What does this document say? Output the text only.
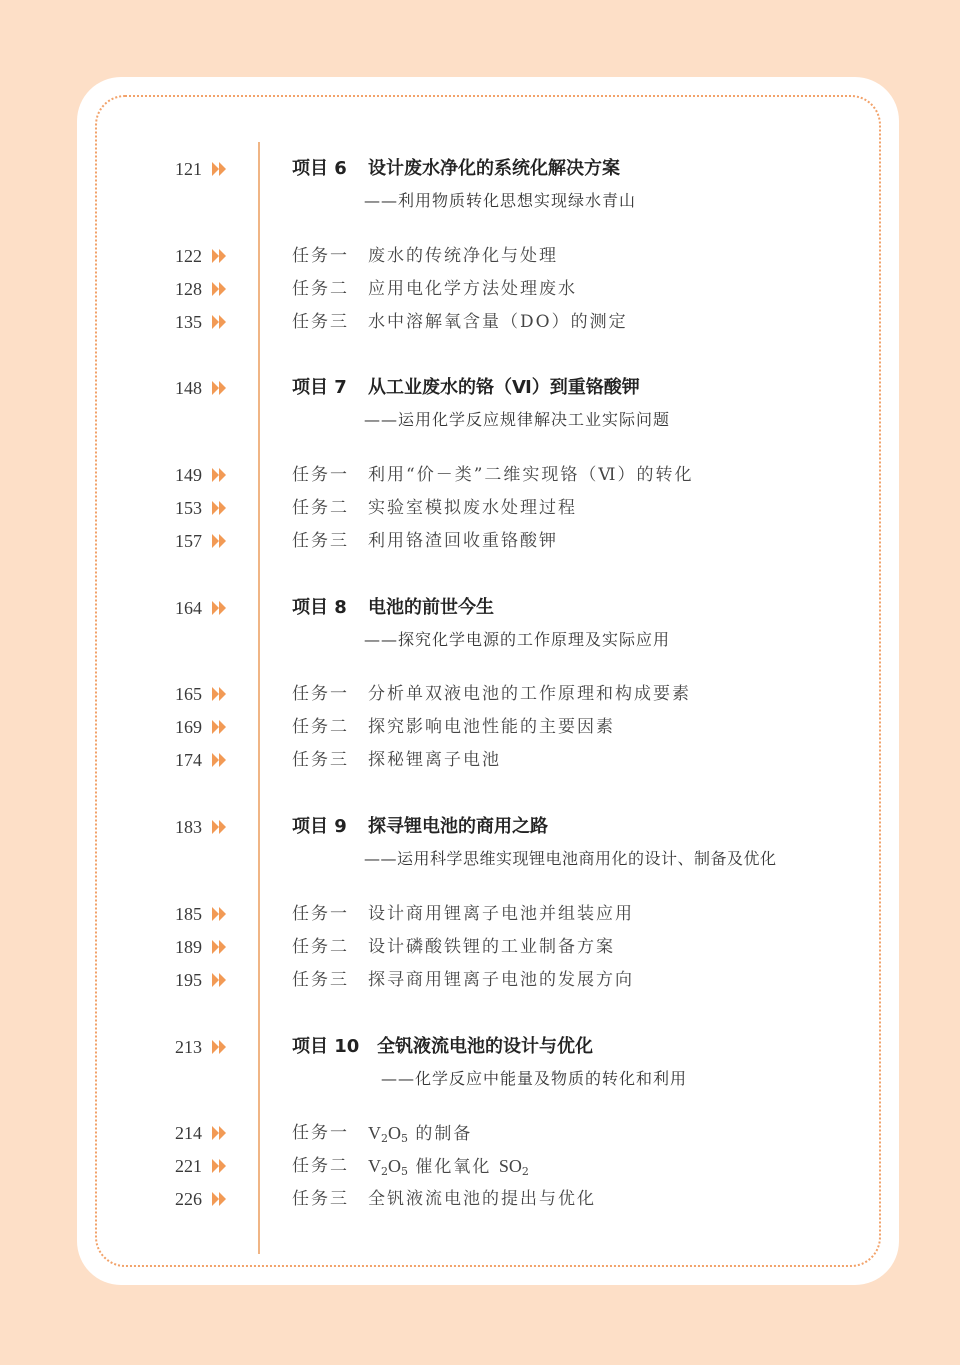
121	项目 6 设计废水净化的系统化解决方案
——利用物质转化思想实现绿水青山
122	任务一 废水的传统净化与处理
128	任务二 应用电化学方法处理废水
135	任务三 水中溶解氧含量（DO）的测定
148	项目 7 从工业废水的铬（Ⅵ）到重铬酸钾
——运用化学反应规律解决工业实际问题
149	任务一 利用“价－类”二维实现铬（Ⅵ）的转化
153	任务二 实验室模拟废水处理过程
157	任务三 利用铬渣回收重铬酸钾
164	项目 8 电池的前世今生
——探究化学电源的工作原理及实际应用
165	任务一 分析单双液电池的工作原理和构成要素
169	任务二 探究影响电池性能的主要因素
174	任务三 探秘锂离子电池
183	项目 9 探寻锂电池的商用之路
——运用科学思维实现锂电池商用化的设计、制备及优化
185	任务一 设计商用锂离子电池并组装应用
189	任务二 设计磷酸铁锂的工业制备方案
195	任务三 探寻商用锂离子电池的发展方向
213	项目 10 全钒液流电池的设计与优化
——化学反应中能量及物质的转化和利用
214	任务一 $V_2O_5$ 的制备
221	任务二 $V_2O_5$ 催化氧化 $SO_2$
226	任务三 全钒液流电池的提出与优化
